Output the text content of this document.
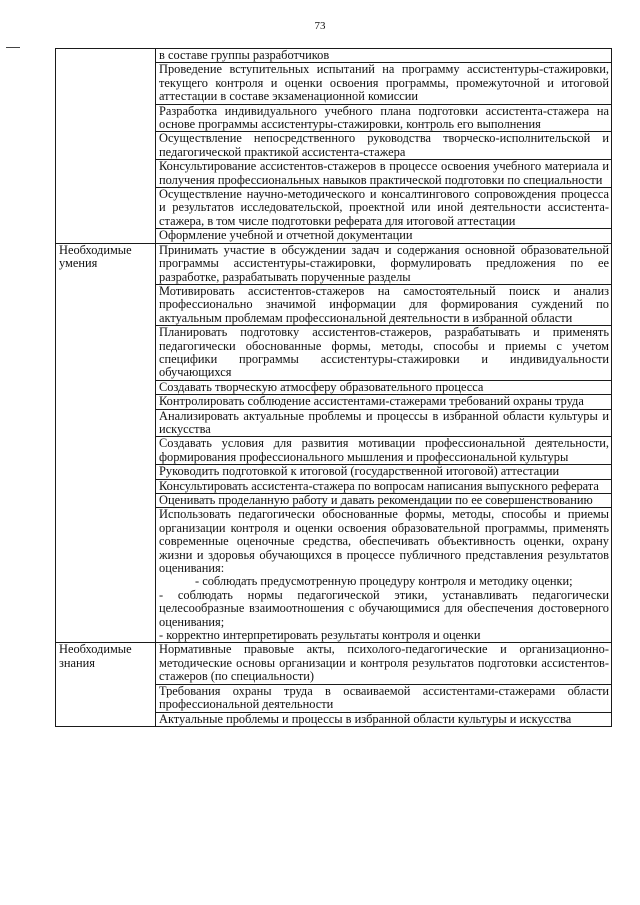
73
	в составе группы разработчиков
	Проведение вступительных испытаний на программу ассистентуры-стажировки, текущего контроля и оценки освоения программы, промежуточной и итоговой аттестации в составе экзаменационной комиссии
	Разработка индивидуального учебного плана подготовки ассистента-стажера на основе программы ассистентуры-стажировки, контроль его выполнения
	Осуществление непосредственного руководства творческо-исполнительской и педагогической практикой ассистента-стажера
	Консультирование ассистентов-стажеров в процессе освоения учебного материала и получения профессиональных навыков практической подготовки по специальности
	Осуществление научно-методического и консалтингового сопровождения процесса и результатов исследовательской, проектной или иной деятельности ассистента-стажера, в том числе подготовки реферата для итоговой аттестации
	Оформление учебной и отчетной документации
Необходимые умения	Принимать участие в обсуждении задач и содержания основной образовательной программы ассистентуры-стажировки, формулировать предложения по ее разработке, разрабатывать порученные разделы
	Мотивировать ассистентов-стажеров на самостоятельный поиск и анализ профессионально значимой информации для формирования суждений по актуальным проблемам профессиональной деятельности в избранной области
	Планировать подготовку ассистентов-стажеров, разрабатывать и применять педагогически обоснованные формы, методы, способы и приемы с учетом специфики программы ассистентуры-стажировки и индивидуальности обучающихся
	Создавать творческую атмосферу образовательного процесса
	Контролировать соблюдение ассистентами-стажерами требований охраны труда
	Анализировать актуальные проблемы и процессы в избранной области культуры и искусства
	Создавать условия для развития мотивации профессиональной деятельности, формирования профессионального мышления и профессиональной культуры
	Руководить подготовкой к итоговой (государственной итоговой) аттестации
	Консультировать ассистента-стажера по вопросам написания выпускного реферата
	Оценивать проделанную работу и давать рекомендации по ее совершенствованию

	Использовать педагогически обоснованные формы, методы, способы и приемы организации контроля и оценки освоения образовательной программы, применять современные оценочные средства, обеспечивать объективность оценки, охрану жизни и здоровья обучающихся в процессе публичного представления результатов оценивания:
- соблюдать предусмотренную процедуру контроля и методику оценки;
- соблюдать нормы педагогической этики, устанавливать педагогически целесообразные взаимоотношения с обучающимися для обеспечения достоверного оценивания;
- корректно интерпретировать результаты контроля и оценки

Необходимые знания	Нормативные правовые акты, психолого-педагогические и организационно-методические основы организации и контроля результатов подготовки ассистентов-стажеров (по специальности)
	Требования охраны труда в осваиваемой ассистентами-стажерами области профессиональной деятельности
	Актуальные проблемы и процессы в избранной области культуры и искусства
